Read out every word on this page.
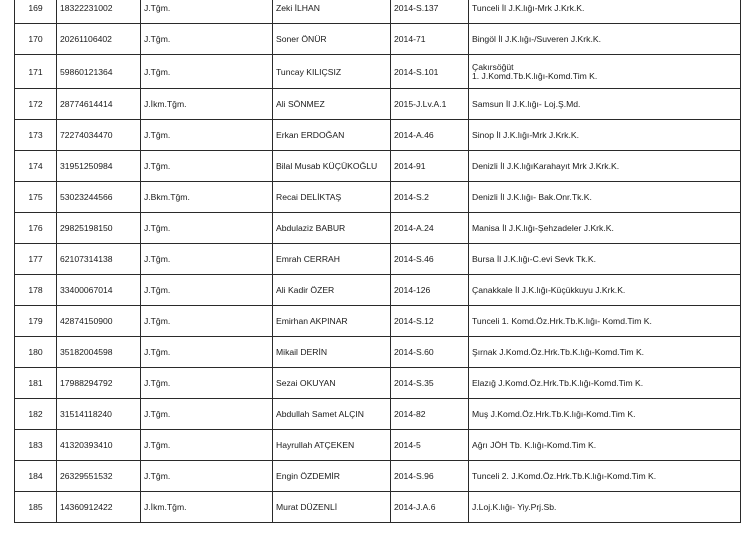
169	18322231002	J.Tğm.	Zeki İLHAN	2014-S.137	Tunceli İl J.K.lığı-Mrk J.Krk.K.
170	20261106402	J.Tğm.	Soner ÖNÜR	2014-71	Bingöl İl J.K.lığı-/Suveren J.Krk.K.
171	59860121364	J.Tğm.	Tuncay KILIÇSIZ	2014-S.101	Çakırsöğüt
1. J.Komd.Tb.K.lığı-Komd.Tim K.
172	28774614414	J.İkm.Tğm.	Ali SÖNMEZ	2015-J.Lv.A.1	Samsun İl J.K.lığı- Loj.Ş.Md.
173	72274034470	J.Tğm.	Erkan ERDOĞAN	2014-A.46	Sinop İl J.K.lığı-Mrk J.Krk.K.
174	31951250984	J.Tğm.	Bilal Musab KÜÇÜKOĞLU	2014-91	Denizli İl J.K.lığıKarahayıt Mrk J.Krk.K.
175	53023244566	J.Bkm.Tğm.	Recai DELİKTAŞ	2014-S.2	Denizli İl J.K.lığı- Bak.Onr.Tk.K.
176	29825198150	J.Tğm.	Abdulaziz BABUR	2014-A.24	Manisa İl J.K.lığı-Şehzadeler J.Krk.K.
177	62107314138	J.Tğm.	Emrah CERRAH	2014-S.46	Bursa İl J.K.lığı-C.evi Sevk Tk.K.
178	33400067014	J.Tğm.	Ali Kadir ÖZER	2014-126	Çanakkale İl J.K.lığı-Küçükkuyu J.Krk.K.
179	42874150900	J.Tğm.	Emirhan AKPINAR	2014-S.12	Tunceli 1. Komd.Öz.Hrk.Tb.K.lığı- Komd.Tim K.
180	35182004598	J.Tğm.	Mikail DERİN	2014-S.60	Şırnak J.Komd.Öz.Hrk.Tb.K.lığı-Komd.Tim K.
181	17988294792	J.Tğm.	Sezai OKUYAN	2014-S.35	Elazığ J.Komd.Öz.Hrk.Tb.K.lığı-Komd.Tim K.
182	31514118240	J.Tğm.	Abdullah Samet ALÇIN	2014-82	Muş J.Komd.Öz.Hrk.Tb.K.lığı-Komd.Tim K.
183	41320393410	J.Tğm.	Hayrullah ATÇEKEN	2014-5	Ağrı JÖH Tb. K.lığı-Komd.Tim K.
184	26329551532	J.Tğm.	Engin ÖZDEMİR	2014-S.96	Tunceli 2. J.Komd.Öz.Hrk.Tb.K.lığı-Komd.Tim K.
185	14360912422	J.İkm.Tğm.	Murat DÜZENLİ	2014-J.A.6	J.Loj.K.lığı- Yiy.Prj.Sb.
